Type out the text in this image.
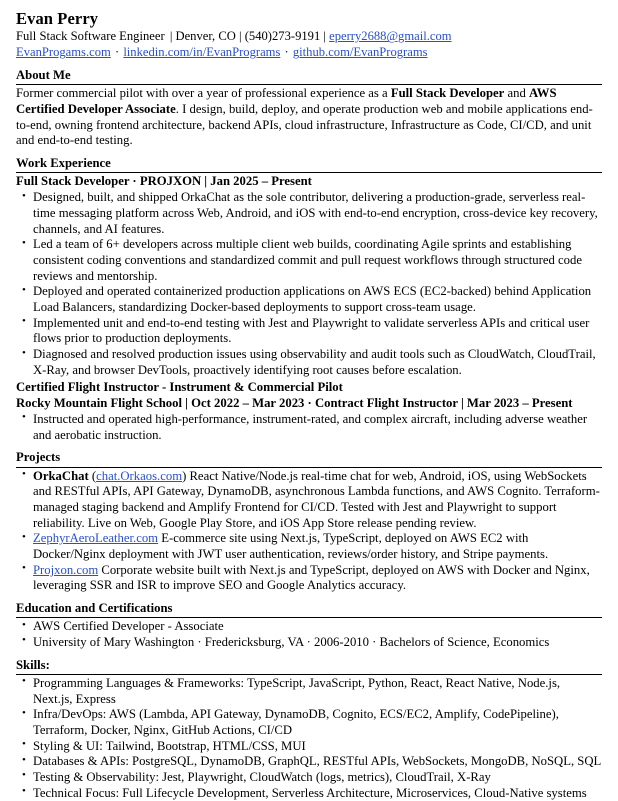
Evan Perry
Full Stack Software Engineer | Denver, CO | (540)273-9191 | eperry2688@gmail.com
EvanProgams.com · linkedin.com/in/EvanPrograms · github.com/EvanPrograms
About Me
Former commercial pilot with over a year of professional experience as a Full Stack Developer and AWS Certified Developer Associate. I design, build, deploy, and operate production web and mobile applications end-to-end, owning frontend architecture, backend APIs, cloud infrastructure, Infrastructure as Code, CI/CD, and unit and end-to-end testing.
Work Experience
Full Stack Developer · PROJXON | Jan 2025 – Present
• Designed, built, and shipped OrkaChat as the sole contributor, delivering a production-grade, serverless real-time messaging platform across Web, Android, and iOS with end-to-end encryption, cross-device key recovery, channels, and AI features.
• Led a team of 6+ developers across multiple client web builds, coordinating Agile sprints and establishing consistent coding conventions and standardized commit and pull request workflows through structured code reviews and mentorship.
• Deployed and operated containerized production applications on AWS ECS (EC2-backed) behind Application Load Balancers, standardizing Docker-based deployments to support cross-team usage.
• Implemented unit and end-to-end testing with Jest and Playwright to validate serverless APIs and critical user flows prior to production deployments.
• Diagnosed and resolved production issues using observability and audit tools such as CloudWatch, CloudTrail, X-Ray, and browser DevTools, proactively identifying root causes before escalation.
Certified Flight Instructor - Instrument & Commercial Pilot
Rocky Mountain Flight School | Oct 2022 – Mar 2023 · Contract Flight Instructor | Mar 2023 – Present
• Instructed and operated high-performance, instrument-rated, and complex aircraft, including adverse weather and aerobatic instruction.
Projects
• OrkaChat (chat.Orkaos.com) React Native/Node.js real-time chat for web, Android, iOS, using WebSockets and RESTful APIs, API Gateway, DynamoDB, asynchronous Lambda functions, and AWS Cognito. Terraform-managed staging backend and Amplify Frontend for CI/CD. Tested with Jest and Playwright to support reliability. Live on Web, Google Play Store, and iOS App Store release pending review.
• ZephyrAeroLeather.com E-commerce site using Next.js, TypeScript, deployed on AWS EC2 with Docker/Nginx deployment with JWT user authentication, reviews/order history, and Stripe payments.
• Projxon.com Corporate website built with Next.js and TypeScript, deployed on AWS with Docker and Nginx, leveraging SSR and ISR to improve SEO and Google Analytics accuracy.
Education and Certifications
• AWS Certified Developer - Associate
• University of Mary Washington · Fredericksburg, VA · 2006-2010 · Bachelors of Science, Economics
Skills:
• Programming Languages & Frameworks: TypeScript, JavaScript, Python, React, React Native, Node.js, Next.js, Express
• Infra/DevOps: AWS (Lambda, API Gateway, DynamoDB, Cognito, ECS/EC2, Amplify, CodePipeline), Terraform, Docker, Nginx, GitHub Actions, CI/CD
• Styling & UI: Tailwind, Bootstrap, HTML/CSS, MUI
• Databases & APIs: PostgreSQL, DynamoDB, GraphQL, RESTful APIs, WebSockets, MongoDB, NoSQL, SQL
• Testing & Observability: Jest, Playwright, CloudWatch (logs, metrics), CloudTrail, X-Ray
• Technical Focus: Full Lifecycle Development, Serverless Architecture, Microservices, Cloud-Native systems
